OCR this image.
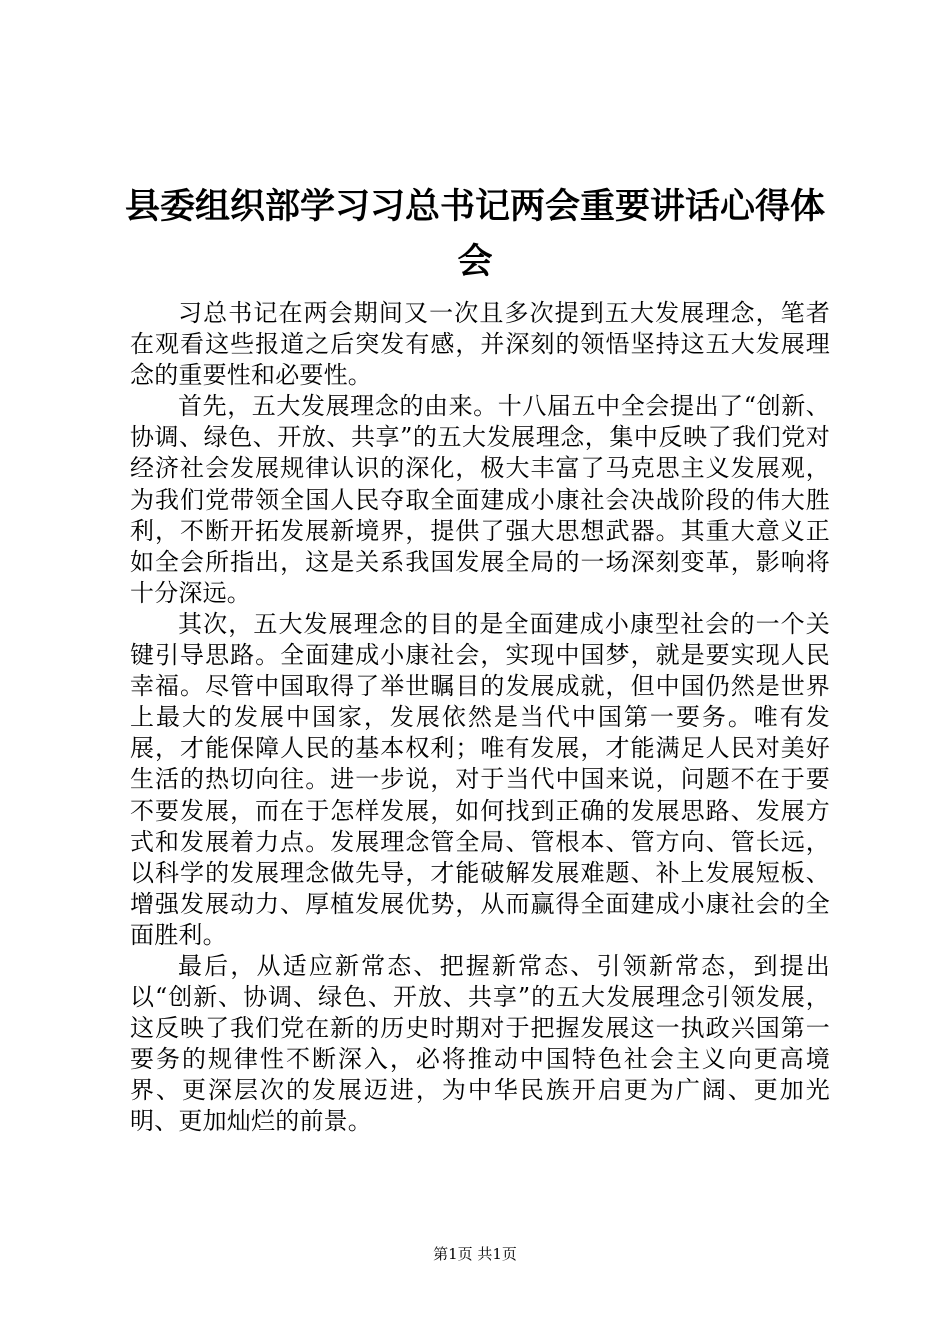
县委组织部学习习总书记两会重要讲话心得体会

习总书记在两会期间又一次且多次提到五大发展理念，笔者在观看这些报道之后突发有感，并深刻的领悟坚持这五大发展理念的重要性和必要性。

首先，五大发展理念的由来。十八届五中全会提出了“创新、协调、绿色、开放、共享”的五大发展理念，集中反映了我们党对经济社会发展规律认识的深化，极大丰富了马克思主义发展观，为我们党带领全国人民夺取全面建成小康社会决战阶段的伟大胜利，不断开拓发展新境界，提供了强大思想武器。其重大意义正如全会所指出，这是关系我国发展全局的一场深刻变革，影响将十分深远。

其次，五大发展理念的目的是全面建成小康型社会的一个关键引导思路。全面建成小康社会，实现中国梦，就是要实现人民幸福。尽管中国取得了举世瞩目的发展成就，但中国仍然是世界上最大的发展中国家，发展依然是当代中国第一要务。唯有发展，才能保障人民的基本权利；唯有发展，才能满足人民对美好生活的热切向往。进一步说，对于当代中国来说，问题不在于要不要发展，而在于怎样发展，如何找到正确的发展思路、发展方式和发展着力点。发展理念管全局、管根本、管方向、管长远，以科学的发展理念做先导，才能破解发展难题、补上发展短板、增强发展动力、厚植发展优势，从而赢得全面建成小康社会的全面胜利。

最后，从适应新常态、把握新常态、引领新常态，到提出以“创新、协调、绿色、开放、共享”的五大发展理念引领发展，这反映了我们党在新的历史时期对于把握发展这一执政兴国第一要务的规律性不断深入，必将推动中国特色社会主义向更高境界、更深层次的发展迈进，为中华民族开启更为广阔、更加光明、更加灿烂的前景。

第1页 共1页
